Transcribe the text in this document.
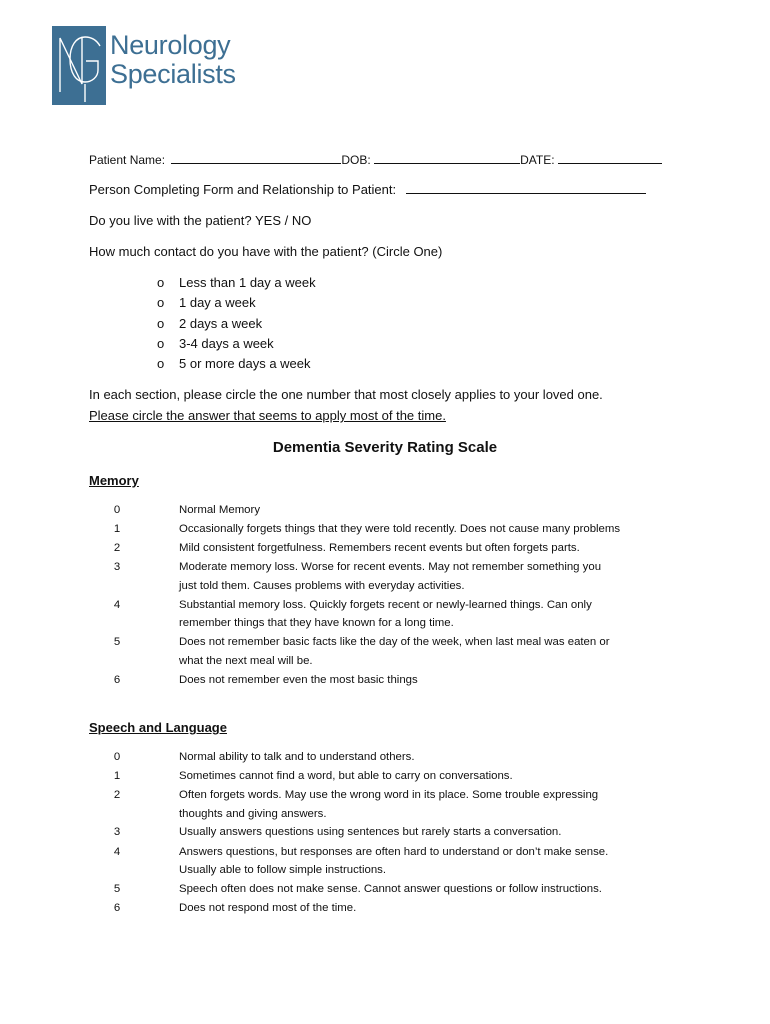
Neurology
Specialists
Patient Name:	DOB:	DATE:
Person Completing Form and Relationship to Patient:
Do you live with the patient? YES / NO
How much contact do you have with the patient? (Circle One)
o Less than 1 day a week
o 1 day a week
o 2 days a week
o 3-4 days a week
o 5 or more days a week
In each section, please circle the one number that most closely applies to your loved one.
Please circle the answer that seems to apply most of the time.
Dementia Severity Rating Scale
Memory
0	Normal Memory
1	Occasionally forgets things that they were told recently. Does not cause many problems
2	Mild consistent forgetfulness. Remembers recent events but often forgets parts.
3	Moderate memory loss. Worse for recent events. May not remember something you
just told them. Causes problems with everyday activities.
4	Substantial memory loss. Quickly forgets recent or newly-learned things. Can only
remember things that they have known for a long time.
5	Does not remember basic facts like the day of the week, when last meal was eaten or
what the next meal will be.
6	Does not remember even the most basic things
Speech and Language
0	Normal ability to talk and to understand others.
1	Sometimes cannot find a word, but able to carry on conversations.
2	Often forgets words. May use the wrong word in its place. Some trouble expressing
thoughts and giving answers.
3	Usually answers questions using sentences but rarely starts a conversation.
4	Answers questions, but responses are often hard to understand or don’t make sense.
Usually able to follow simple instructions.
5	Speech often does not make sense. Cannot answer questions or follow instructions.
6	Does not respond most of the time.
